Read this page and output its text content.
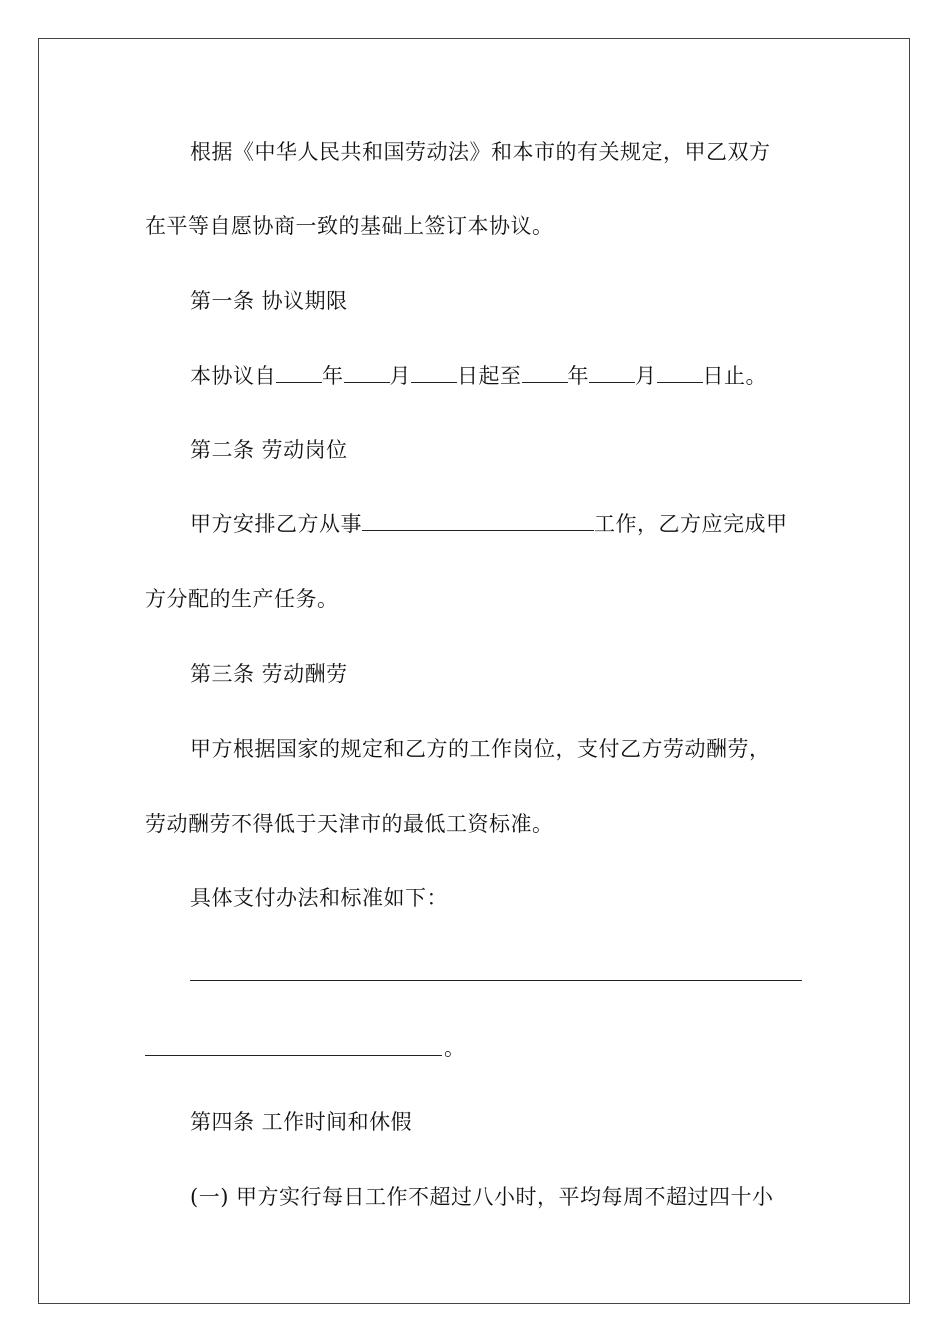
根据《中华人民共和国劳动法》和本市的有关规定，甲乙双方
在平等自愿协商一致的基础上签订本协议。
第一条 协议期限
本协议自 年 月 日起至 年 月 日止。
第二条 劳动岗位
甲方安排乙方从事	工作，乙方应完成甲
方分配的生产任务。
第三条 劳动酬劳
甲方根据国家的规定和乙方的工作岗位，支付乙方劳动酬劳，
劳动酬劳不得低于天津市的最低工资标准。
具体支付办法和标准如下：
。
第四条 工作时间和休假
(一) 甲方实行每日工作不超过八小时，平均每周不超过四十小
